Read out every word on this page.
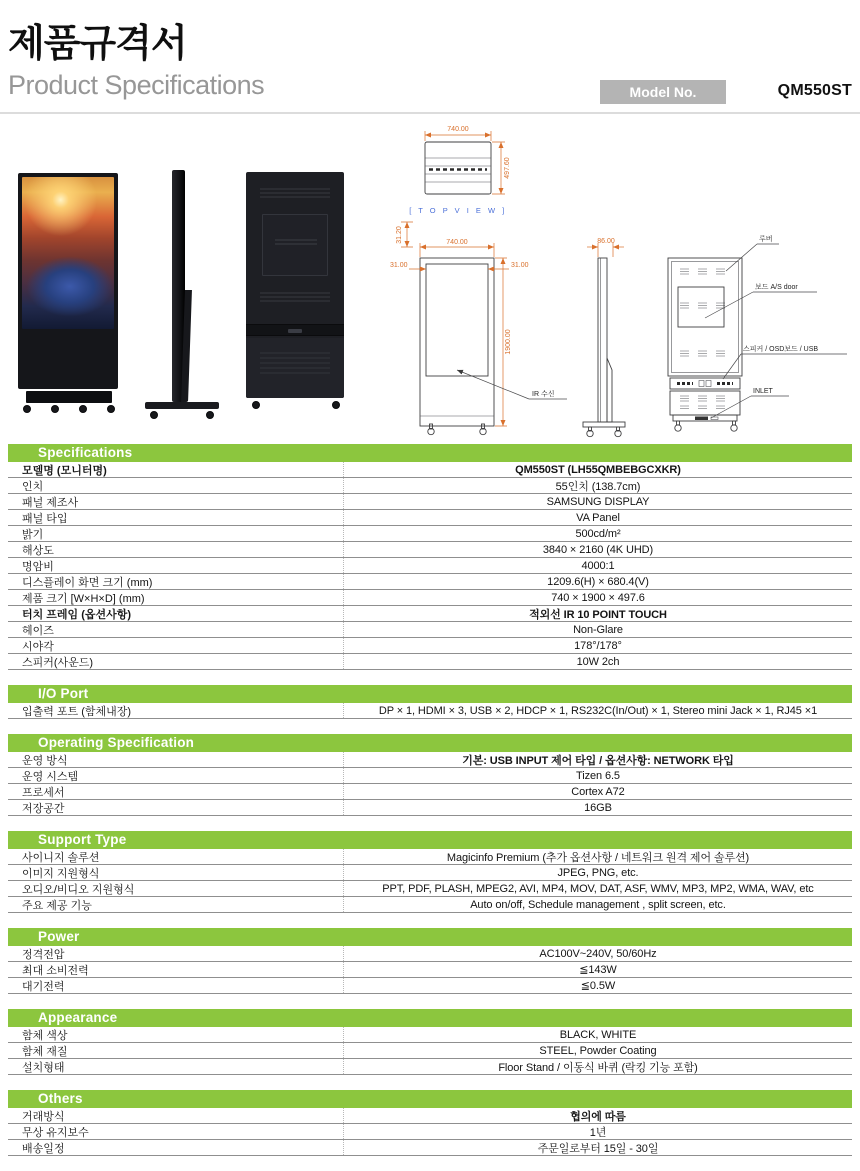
제품규격서
Product Specifications	Model No.	QM550ST
740.00
497.60
[ T O P V I E W ]
740.00
31.20
31.00	31.00
1900.00
IR 수신
86.00	루버
보드 A/S door
스피커 / OSD보드 / USB
INLET
Specifications
모델명 (모니터명)	QM550ST (LH55QMBEBGCXKR)
인치	55인치 (138.7cm)
패널 제조사	SAMSUNG DISPLAY
패널 타입	VA Panel
밝기	500cd/m²
해상도	3840 × 2160 (4K UHD)
명암비	4000:1
디스플레이 화면 크기 (mm)	1209.6(H) × 680.4(V)
제품 크기 [W×H×D] (mm)	740 × 1900 × 497.6
터치 프레임 (옵션사항)	적외선 IR 10 POINT TOUCH
헤이즈	Non-Glare
시야각	178°/178°
스피커(사운드)	10W 2ch
I/O Port
입출력 포트 (함체내장)	DP × 1, HDMI × 3, USB × 2, HDCP × 1, RS232C(In/Out) × 1, Stereo mini Jack × 1, RJ45 ×1
Operating Specification
운영 방식	기본: USB INPUT 제어 타입 / 옵션사항: NETWORK 타입
운영 시스템	Tizen 6.5
프로세서	Cortex A72
저장공간	16GB
Support Type
사이니지 솔루션	Magicinfo Premium (추가 옵션사항 / 네트워크 원격 제어 솔루션)
이미지 지원형식	JPEG, PNG, etc.
오디오/비디오 지원형식	PPT, PDF, PLASH, MPEG2, AVI, MP4, MOV, DAT, ASF, WMV, MP3, MP2, WMA, WAV, etc
주요 제공 기능	Auto on/off, Schedule management , split screen, etc.
Power
정격전압	AC100V~240V, 50/60Hz
최대 소비전력	≦143W
대기전력	≦0.5W
Appearance
함체 색상	BLACK, WHITE
함체 재질	STEEL, Powder Coating
설치형태	Floor Stand / 이동식 바퀴 (락킹 기능 포함)
Others
거래방식	협의에 따름
무상 유지보수	1년
배송일정	주문일로부터 15일 - 30일
